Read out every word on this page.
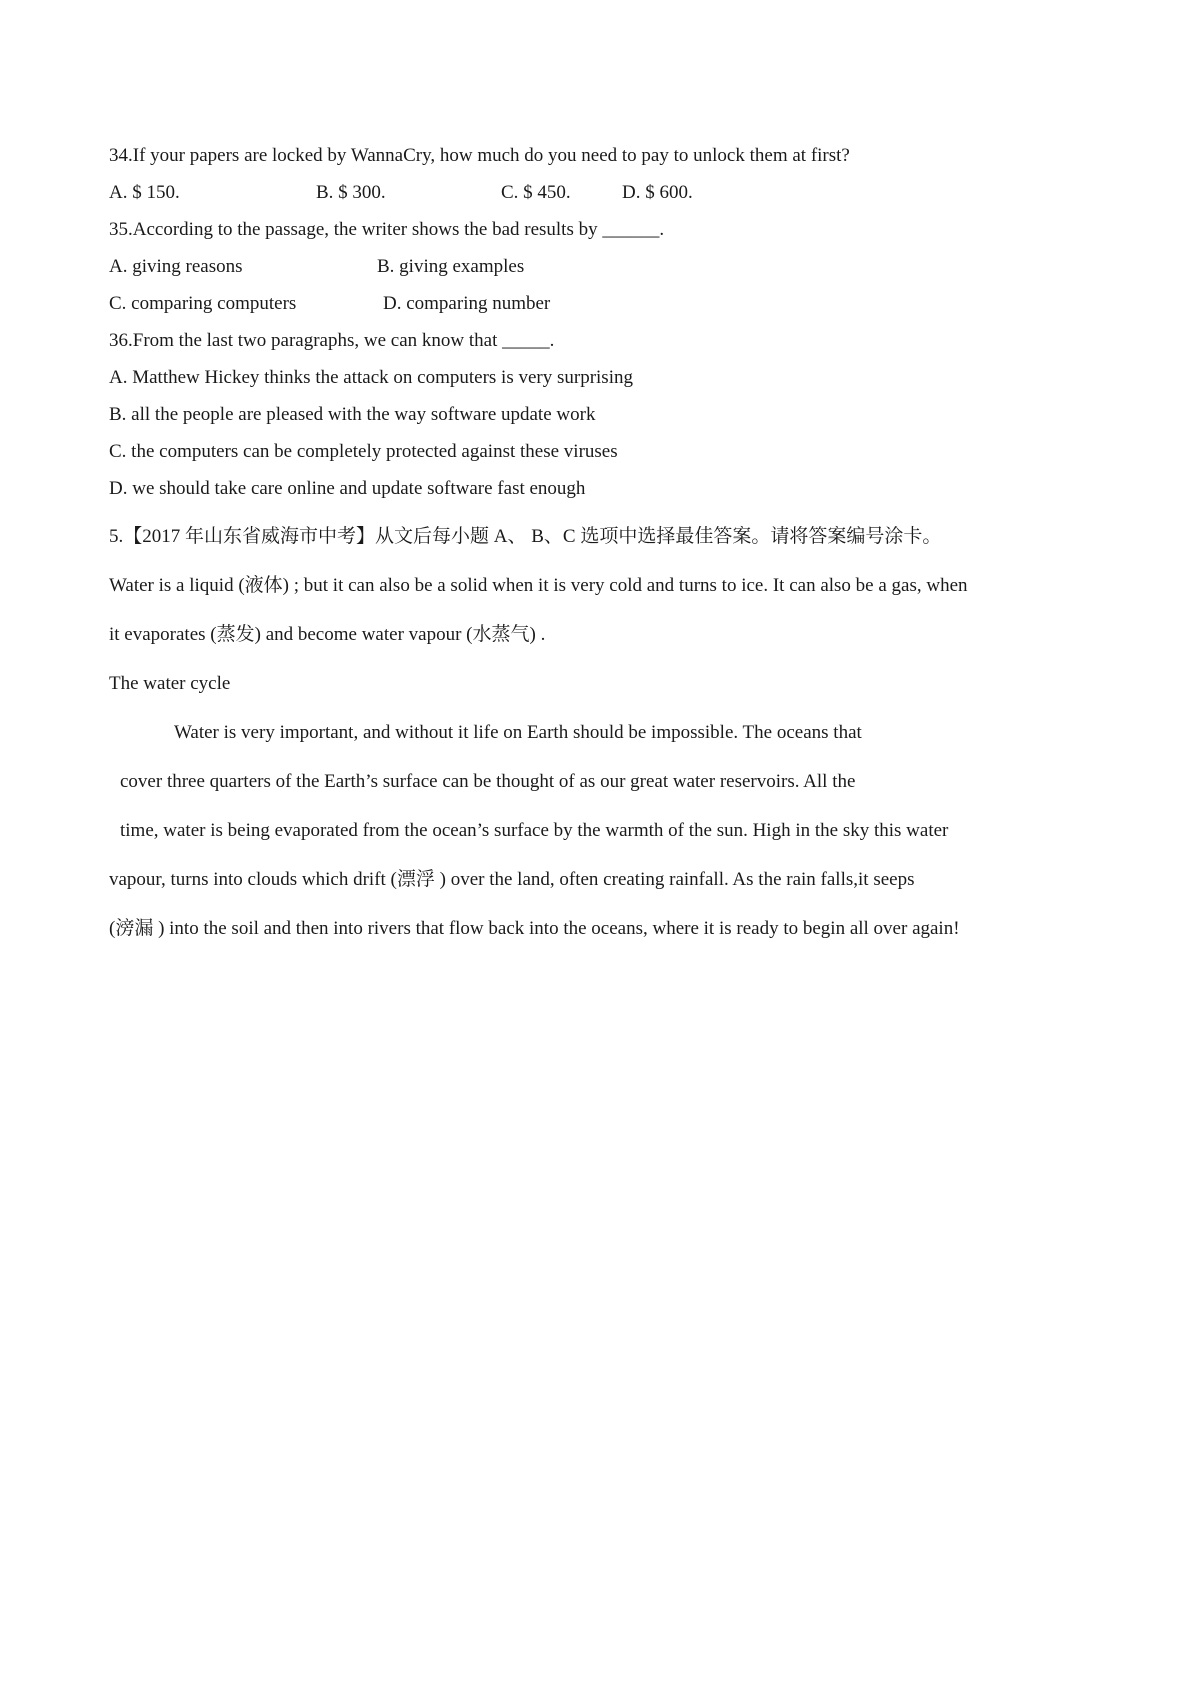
34.If your papers are locked by WannaCry, how much do you need to pay to unlock them at first?
A. $ 150.	B. $ 300.	C. $ 450.	D. $ 600.
35.According to the passage, the writer shows the bad results by ______.
A. giving reasons	B. giving examples
C. comparing computers	D. comparing number
36.From the last two paragraphs, we can know that _____.
A. Matthew Hickey thinks the attack on computers is very surprising
B. all the people are pleased with the way software update work
C. the computers can be completely protected against these viruses
D. we should take care online and update software fast enough
5.【2017 年山东省威海市中考】从文后每小题 A、 B、C 选项中选择最佳答案。请将答案编号涂卡。
Water is a liquid (液体) ; but it can also be a solid when it is very cold and turns to ice. It can also be a gas, when
it evaporates (蒸发) and become water vapour (水蒸气) .
The water cycle
Water is very important, and without it life on Earth should be impossible. The oceans that
cover three quarters of the Earth’s surface can be thought of as our great water reservoirs. All the
time, water is being evaporated from the ocean’s surface by the warmth of the sun. High in the sky this water
vapour, turns into clouds which drift (漂浮 ) over the land, often creating rainfall. As the rain falls,it seeps
(滂漏 ) into the soil and then into rivers that flow back into the oceans, where it is ready to begin all over again!
